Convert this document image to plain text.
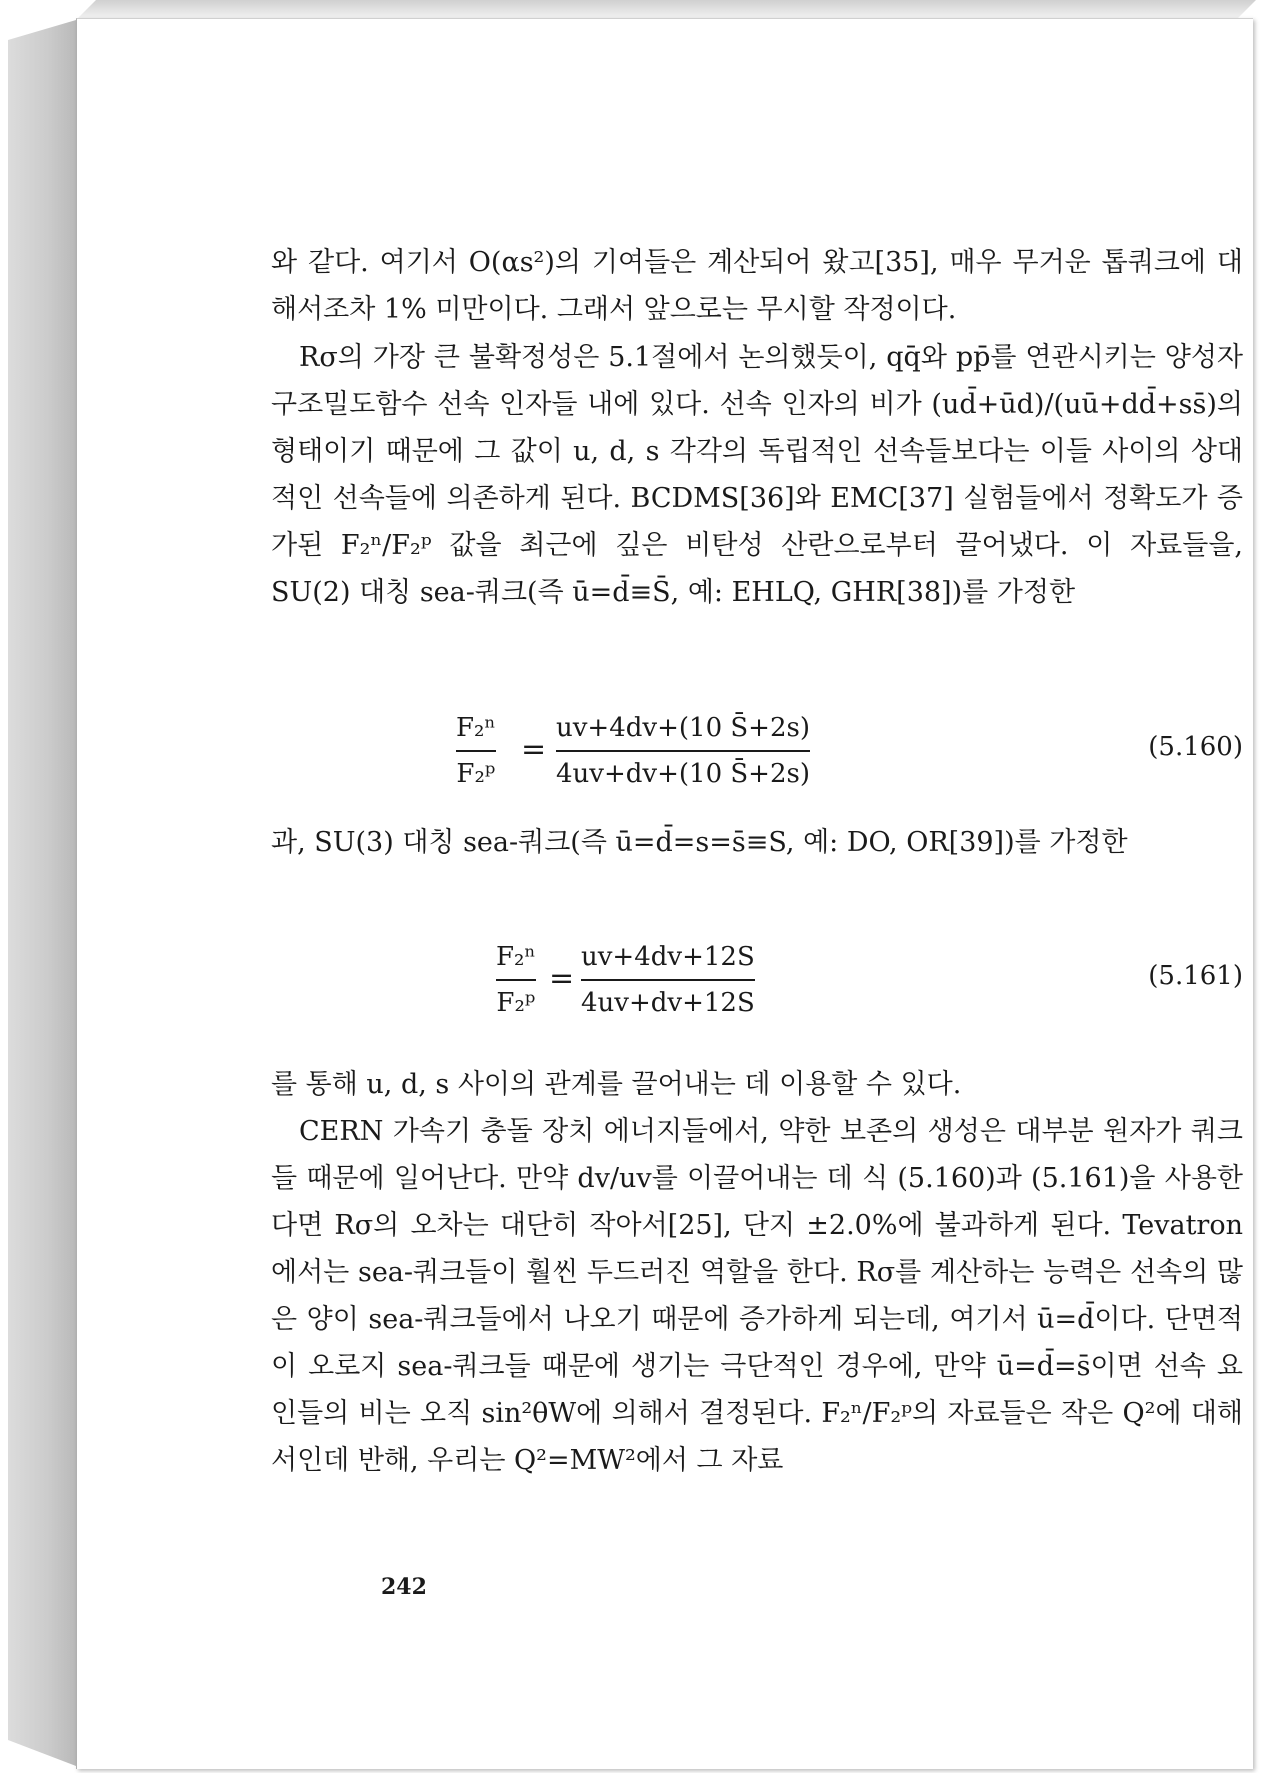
와 같다. 여기서 O(αs²)의 기여들은 계산되어 왔고[35], 매우 무거운 톱쿼크에 대해서조차 1% 미만이다. 그래서 앞으로는 무시할 작정이다.

Rσ의 가장 큰 불확정성은 5.1절에서 논의했듯이, qq̄와 pp̄를 연관시키는 양성자 구조밀도함수 선속 인자들 내에 있다. 선속 인자의 비가 (ud̄+ūd)/(uū+dd̄+ss̄)의 형태이기 때문에 그 값이 u, d, s 각각의 독립적인 선속들보다는 이들 사이의 상대적인 선속들에 의존하게 된다. BCDMS[36]와 EMC[37] 실험들에서 정확도가 증가된 F₂ⁿ/F₂ᵖ 값을 최근에 깊은 비탄성 산란으로부터 끌어냈다. 이 자료들을, SU(2) 대칭 sea-쿼크(즉 ū=d̄≡S̄, 예: EHLQ, GHR[38])를 가정한

F₂ⁿ
F₂ᵖ
=
uv+4dv+(10 S̄+2s)
4uv+dv+(10 S̄+2s)
(5.160)

과, SU(3) 대칭 sea-쿼크(즉 ū=d̄=s=s̄≡S, 예: DO, OR[39])를 가정한

F₂ⁿ
F₂ᵖ
=
uv+4dv+12S
4uv+dv+12S
(5.161)

를 통해 u, d, s 사이의 관계를 끌어내는 데 이용할 수 있다.

CERN 가속기 충돌 장치 에너지들에서, 약한 보존의 생성은 대부분 원자가 쿼크들 때문에 일어난다. 만약 dv/uv를 이끌어내는 데 식 (5.160)과 (5.161)을 사용한다면 Rσ의 오차는 대단히 작아서[25], 단지 ±2.0%에 불과하게 된다. Tevatron에서는 sea-쿼크들이 훨씬 두드러진 역할을 한다. Rσ를 계산하는 능력은 선속의 많은 양이 sea-쿼크들에서 나오기 때문에 증가하게 되는데, 여기서 ū=d̄이다. 단면적이 오로지 sea-쿼크들 때문에 생기는 극단적인 경우에, 만약 ū=d̄=s̄이면 선속 요인들의 비는 오직 sin²θW에 의해서 결정된다. F₂ⁿ/F₂ᵖ의 자료들은 작은 Q²에 대해서인데 반해, 우리는 Q²=MW²에서 그 자료

242
